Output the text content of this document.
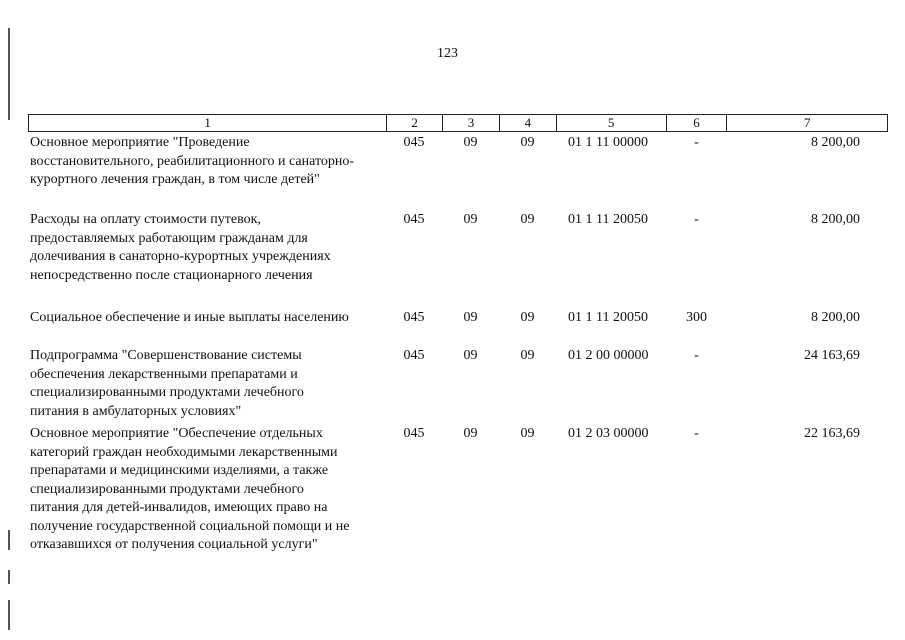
123
1	2	3	4	5	6	7
Основное мероприятие "Проведение
восстановительного, реабилитационного и санаторно-
курортного лечения граждан, в том числе детей"
045	09	09	01 1 11 00000	-	8 200,00
Расходы на оплату стоимости путевок,
предоставляемых работающим гражданам для
долечивания в санаторно-курортных учреждениях
непосредственно после стационарного лечения
045	09	09	01 1 11 20050	-	8 200,00
Социальное обеспечение и иные выплаты населению	045	09	09	01 1 11 20050	300	8 200,00
Подпрограмма "Совершенствование системы
обеспечения лекарственными препаратами и
специализированными продуктами лечебного
питания в амбулаторных условиях"
045	09	09	01 2 00 00000	-	24 163,69
Основное мероприятие "Обеспечение отдельных
категорий граждан необходимыми лекарственными
препаратами и медицинскими изделиями, а также
специализированными продуктами лечебного
питания для детей-инвалидов, имеющих право на
получение государственной социальной помощи и не
отказавшихся от получения социальной услуги"
045	09	09	01 2 03 00000	-	22 163,69
